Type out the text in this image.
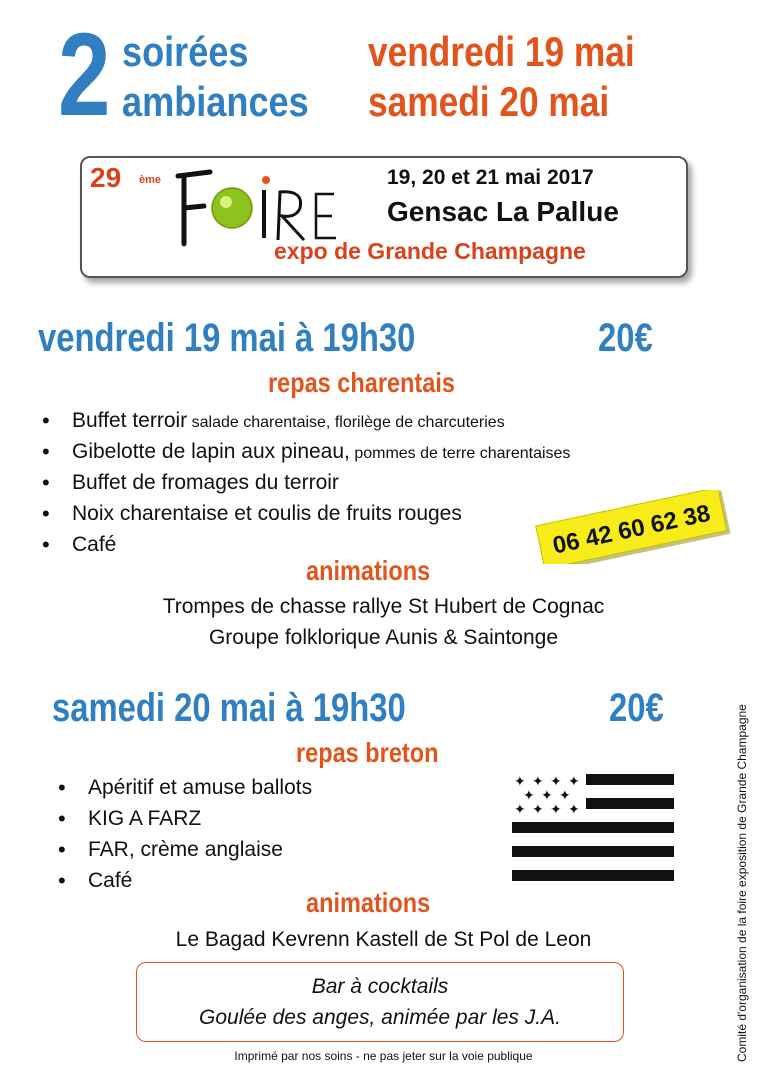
2 soirées
ambiances
vendredi 19 mai
samedi 20 mai
29 ème	19, 20 et 21 mai 2017
Gensac La Pallue
expo de Grande Champagne
vendredi 19 mai à 19h30	20€
repas charentais
• Buffet terroir salade charentaise, florilège de charcuteries
• Gibelotte de lapin aux pineau, pommes de terre charentaises
• Buffet de fromages du terroir
• Noix charentaise et coulis de fruits rouges
• Café	06 42 60 62 38
animations
Trompes de chasse rallye St Hubert de Cognac
Groupe folklorique Aunis & Saintonge
samedi 20 mai à 19h30	20€
repas breton
• Apéritif et amuse ballots
• KIG A FARZ
• FAR, crème anglaise
• Café
✦ ✦ ✦ ✦
✦ ✦ ✦
✦ ✦ ✦ ✦
animations
Le Bagad Kevrenn Kastell de St Pol de Leon
Bar à cocktails
Goulée des anges, animée par les J.A.
Imprimé par nos soins - ne pas jeter sur la voie publique	Comité d'organisation de la foire exposition de Grande Champagne
